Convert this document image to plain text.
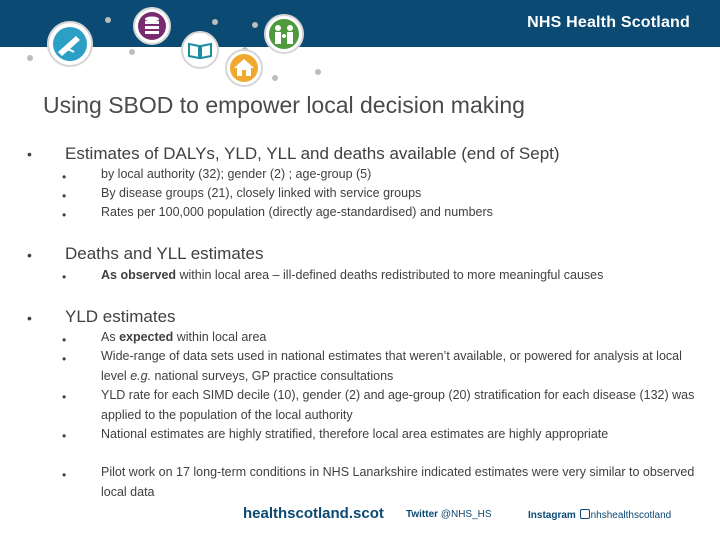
NHS Health Scotland
Using SBOD to empower local decision making
• Estimates of DALYs, YLD, YLL and deaths available (end of Sept)
•	by local authority (32); gender (2) ; age-group (5)
•	By disease groups (21), closely linked with service groups
•	Rates per 100,000 population (directly age-standardised) and numbers
• Deaths and YLL estimates
•	As observed within local area – ill-defined deaths redistributed to more meaningful causes
• YLD estimates
•	As expected within local area
•	Wide-range of data sets used in national estimates that weren’t available, or powered for analysis at local level e.g. national surveys, GP practice consultations
•	YLD rate for each SIMD decile (10), gender (2) and age-group (20) stratification for each disease (132) was applied to the population of the local authority
•	National estimates are highly stratified, therefore local area estimates are highly appropriate
•	Pilot work on 17 long-term conditions in NHS Lanarkshire indicated estimates were very similar to observed local data
healthscotland.scot Twitter @NHS_HS	Instagram nhshealthscotland
